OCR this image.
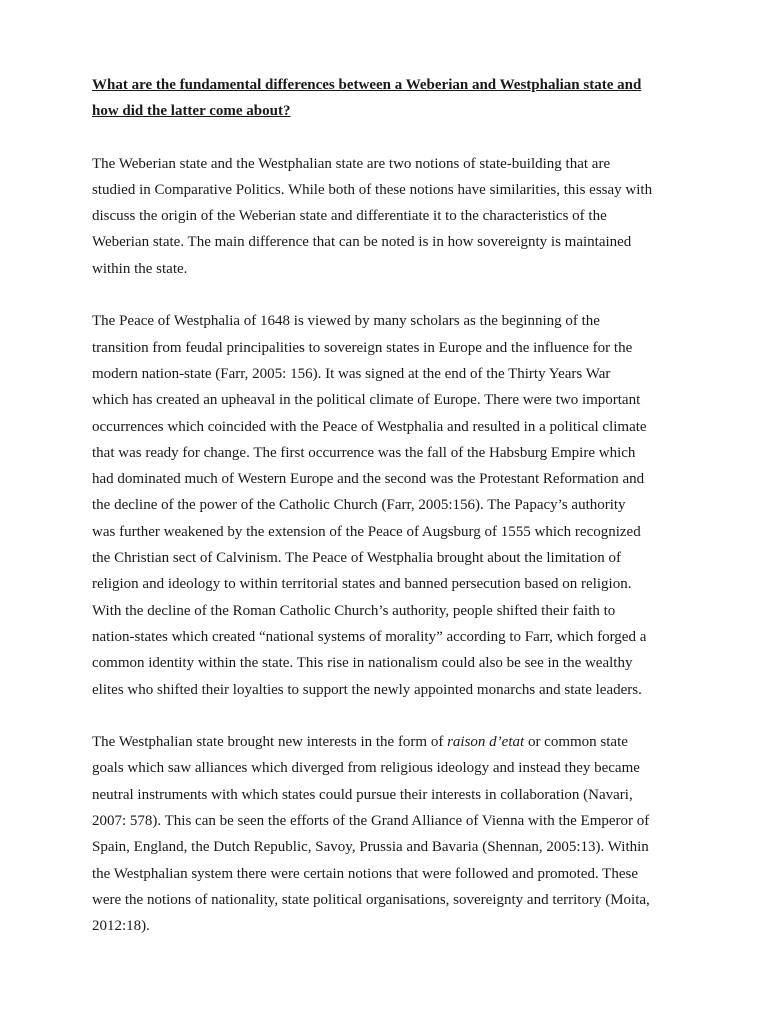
What are the fundamental differences between a Weberian and Westphalian state and
how did the latter come about?
The Weberian state and the Westphalian state are two notions of state-building that are
studied in Comparative Politics. While both of these notions have similarities, this essay with
discuss the origin of the Weberian state and differentiate it to the characteristics of the
Weberian state. The main difference that can be noted is in how sovereignty is maintained
within the state.
The Peace of Westphalia of 1648 is viewed by many scholars as the beginning of the
transition from feudal principalities to sovereign states in Europe and the influence for the
modern nation-state (Farr, 2005: 156). It was signed at the end of the Thirty Years War
which has created an upheaval in the political climate of Europe. There were two important
occurrences which coincided with the Peace of Westphalia and resulted in a political climate
that was ready for change. The first occurrence was the fall of the Habsburg Empire which
had dominated much of Western Europe and the second was the Protestant Reformation and
the decline of the power of the Catholic Church (Farr, 2005:156). The Papacy’s authority
was further weakened by the extension of the Peace of Augsburg of 1555 which recognized
the Christian sect of Calvinism. The Peace of Westphalia brought about the limitation of
religion and ideology to within territorial states and banned persecution based on religion.
With the decline of the Roman Catholic Church’s authority, people shifted their faith to
nation-states which created “national systems of morality” according to Farr, which forged a
common identity within the state. This rise in nationalism could also be see in the wealthy
elites who shifted their loyalties to support the newly appointed monarchs and state leaders.
The Westphalian state brought new interests in the form of raison d’etat or common state
goals which saw alliances which diverged from religious ideology and instead they became
neutral instruments with which states could pursue their interests in collaboration (Navari,
2007: 578). This can be seen the efforts of the Grand Alliance of Vienna with the Emperor of
Spain, England, the Dutch Republic, Savoy, Prussia and Bavaria (Shennan, 2005:13). Within
the Westphalian system there were certain notions that were followed and promoted. These
were the notions of nationality, state political organisations, sovereignty and territory (Moita,
2012:18).
